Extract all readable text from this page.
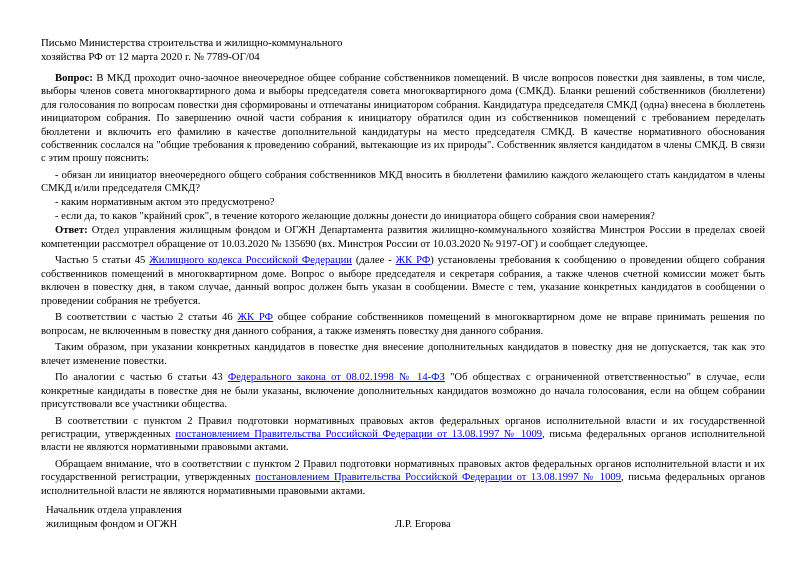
Письмо Министерства строительства и жилищно-коммунального
хозяйства РФ от 12 марта 2020 г. № 7789-ОГ/04

Вопрос: В МКД проходит очно-заочное внеочередное общее собрание собственников помещений. В числе вопросов повестки дня заявлены, в том числе, выборы членов совета многоквартирного дома и выборы председателя совета многоквартирного дома (СМКД). Бланки решений собственников (бюллетени) для голосования по вопросам повестки дня сформированы и отпечатаны инициатором собрания. Кандидатура председателя СМКД (одна) внесена в бюллетень инициатором собрания. По завершению очной части собрания к инициатору обратился один из собственников помещений с требованием переделать бюллетени и включить его фамилию в качестве дополнительной кандидатуры на место председателя СМКД. В качестве нормативного обоснования собственник сослался на "общие требования к проведению собраний, вытекающие из их природы". Собственник является кандидатом в члены СМКД. В связи с этим прошу пояснить:

- обязан ли инициатор внеочередного общего собрания собственников МКД вносить в бюллетени фамилию каждого желающего стать кандидатом в члены СМКД и/или председателя СМКД?

- каким нормативным актом это предусмотрено?

- если да, то каков "крайний срок", в течение которого желающие должны донести до инициатора общего собрания свои намерения?

Ответ: Отдел управления жилищным фондом и ОГЖН Департамента развития жилищно-коммунального хозяйства Минстроя России в пределах своей компетенции рассмотрел обращение от 10.03.2020 № 135690 (вх. Минстроя России от 10.03.2020 № 9197-ОГ) и сообщает следующее.

Частью 5 статьи 45 Жилищного кодекса Российской Федерации (далее - ЖК РФ) установлены требования к сообщению о проведении общего собрания собственников помещений в многоквартирном доме. Вопрос о выборе председателя и секретаря собрания, а также членов счетной комиссии может быть включен в повестку дня, в таком случае, данный вопрос должен быть указан в сообщении. Вместе с тем, указание конкретных кандидатов в сообщении о проведении собрания не требуется.

В соответствии с частью 2 статьи 46 ЖК РФ общее собрание собственников помещений в многоквартирном доме не вправе принимать решения по вопросам, не включенным в повестку дня данного собрания, а также изменять повестку дня данного собрания.

Таким образом, при указании конкретных кандидатов в повестке дня внесение дополнительных кандидатов в повестку дня не допускается, так как это влечет изменение повестки.

По аналогии с частью 6 статьи 43 Федерального закона от 08.02.1998 № 14-ФЗ "Об обществах с ограниченной ответственностью" в случае, если конкретные кандидаты в повестке дня не были указаны, включение дополнительных кандидатов возможно до начала голосования, если на общем собрании присутствовали все участники общества.

В соответствии с пунктом 2 Правил подготовки нормативных правовых актов федеральных органов исполнительной власти и их государственной регистрации, утвержденных постановлением Правительства Российской Федерации от 13.08.1997 № 1009, письма федеральных органов исполнительной власти не являются нормативными правовыми актами.

Обращаем внимание, что в соответствии с пунктом 2 Правил подготовки нормативных правовых актов федеральных органов исполнительной власти и их государственной регистрации, утвержденных постановлением Правительства Российской Федерации от 13.08.1997 № 1009, письма федеральных органов исполнительной власти не являются нормативными правовыми актами.

Начальник отдела управления
жилищным фондом и ОГЖН	Л.Р. Егорова
